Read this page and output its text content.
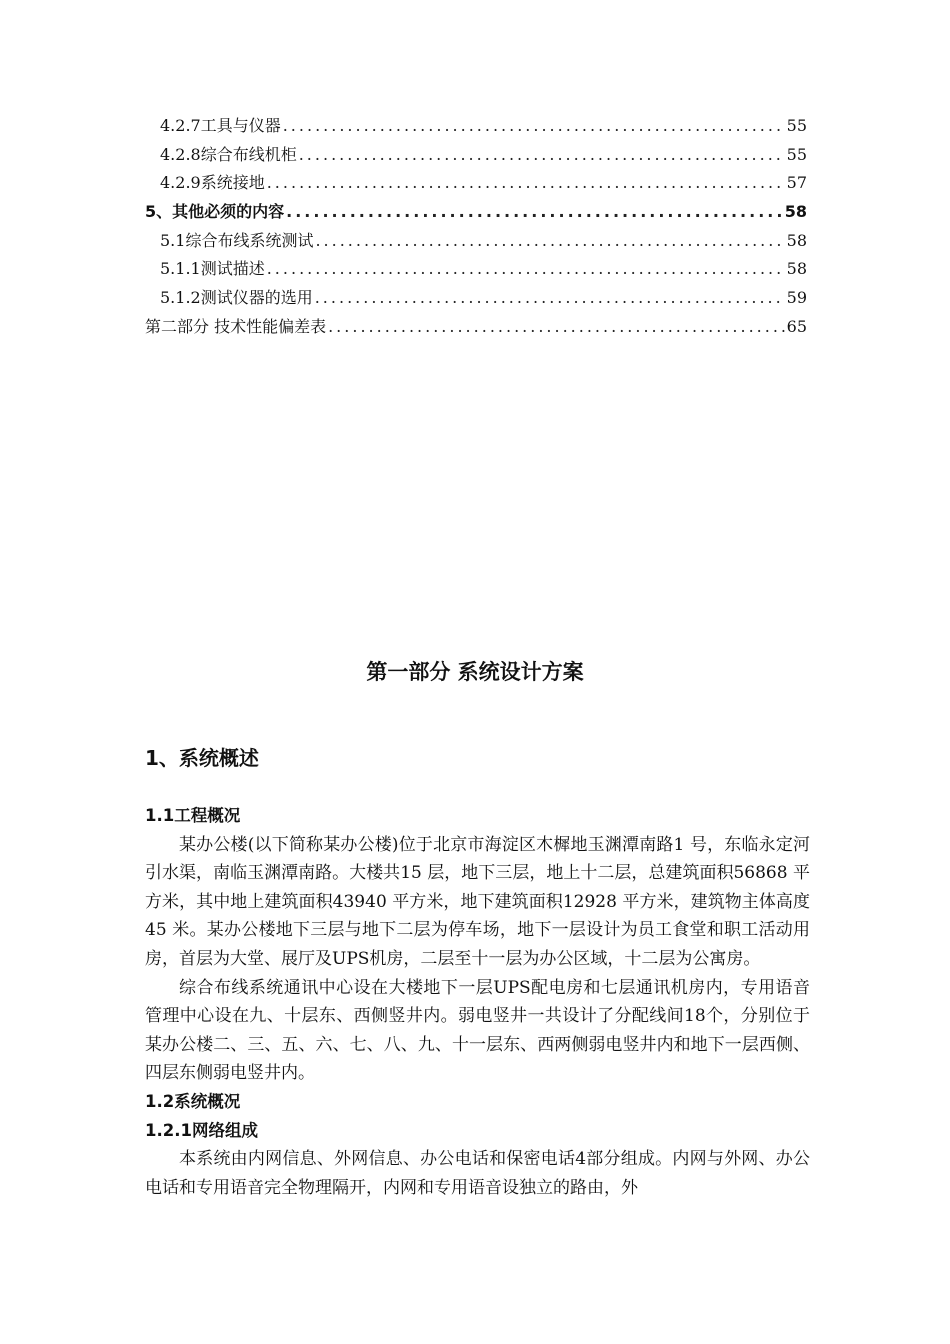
4.2.7工具与仪器 .....	55
4.2.8综合布线机柜 .....	55
4.2.9系统接地 .....	57
5、其他必须的内容 .....	58
5.1综合布线系统测试 .....	58
5.1.1测试描述 .....	58
5.1.2测试仪器的选用 .....	59
第二部分 技术性能偏差表 .....	65
第一部分 系统设计方案
1、系统概述
1.1工程概况

某办公楼(以下简称某办公楼)位于北京市海淀区木樨地玉渊潭南路1 号，东临永定河引水渠，南临玉渊潭南路。大楼共15 层，地下三层，地上十二层，总建筑面积56868 平方米，其中地上建筑面积43940 平方米，地下建筑面积12928 平方米，建筑物主体高度45 米。某办公楼地下三层与地下二层为停车场，地下一层设计为员工食堂和职工活动用房，首层为大堂、展厅及UPS机房，二层至十一层为办公区域，十二层为公寓房。

综合布线系统通讯中心设在大楼地下一层UPS配电房和七层通讯机房内，专用语音管理中心设在九、十层东、西侧竖井内。弱电竖井一共设计了分配线间18个，分别位于某办公楼二、三、五、六、七、八、九、十一层东、西两侧弱电竖井内和地下一层西侧、四层东侧弱电竖井内。

1.2系统概况
1.2.1网络组成

本系统由内网信息、外网信息、办公电话和保密电话4部分组成。内网与外网、办公电话和专用语音完全物理隔开，内网和专用语音设独立的路由，外
